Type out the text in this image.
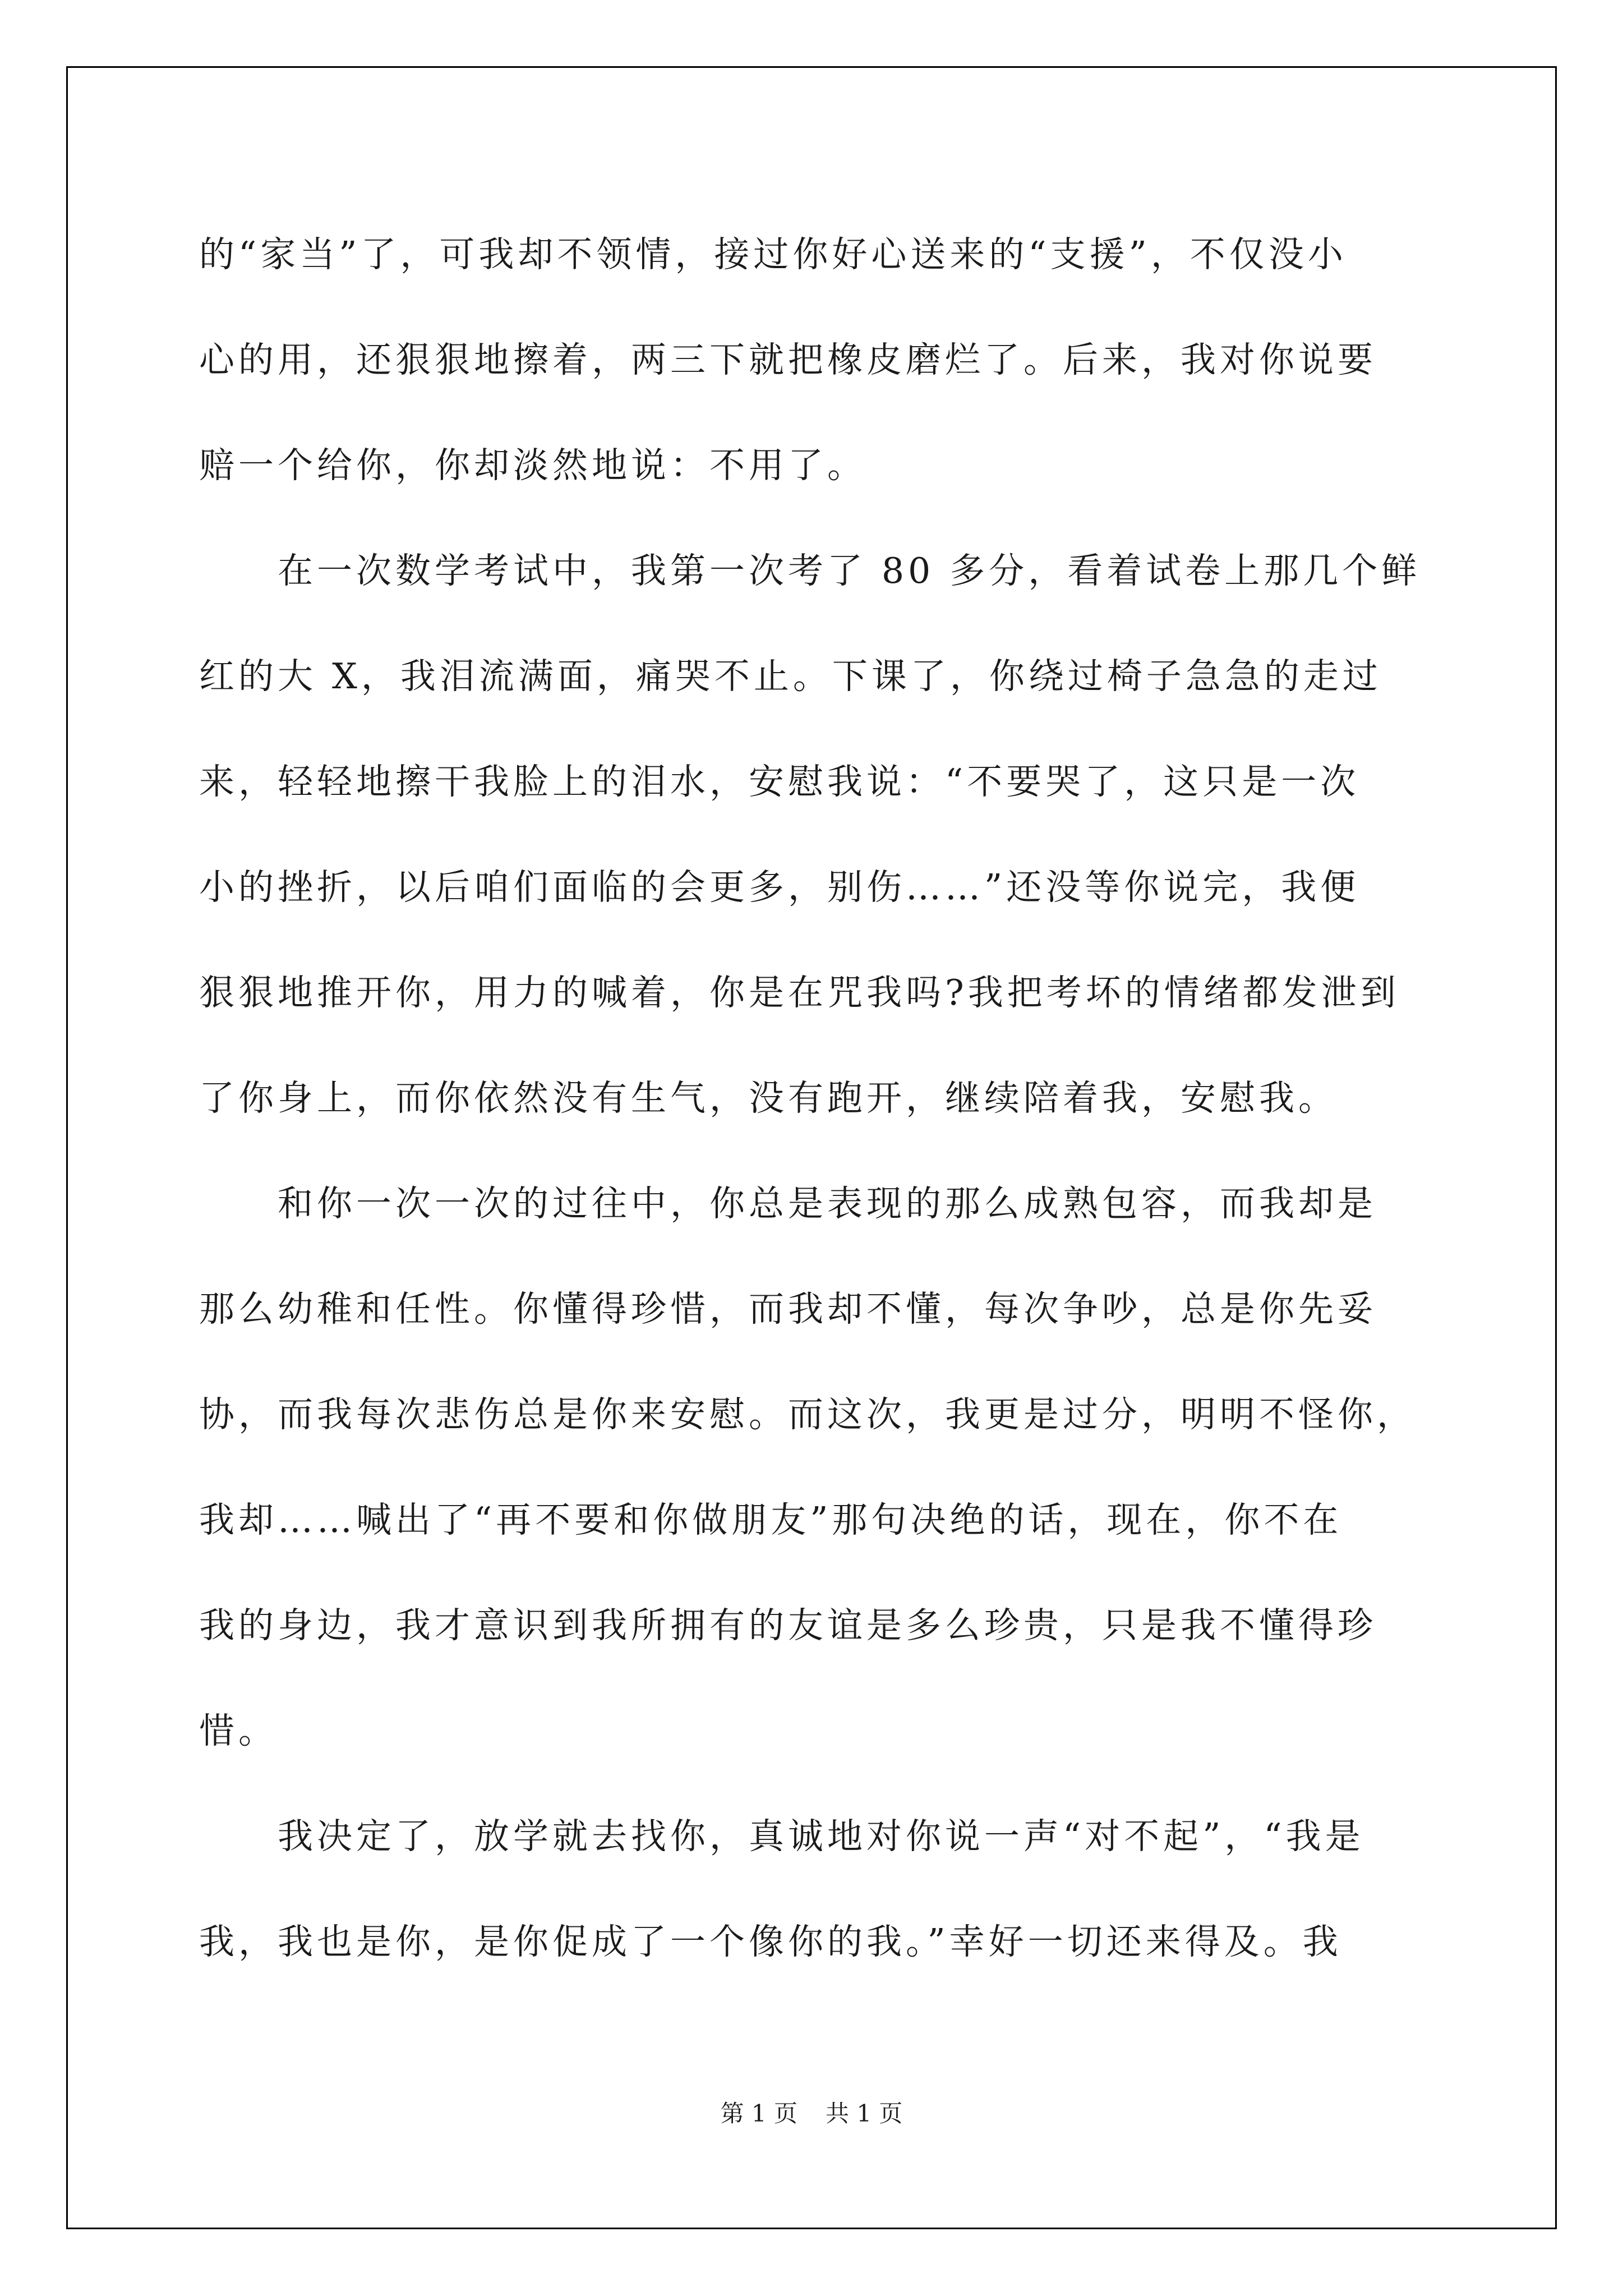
的“家当”了，可我却不领情，接过你好心送来的“支援”，不仅没小
心的用，还狠狠地擦着，两三下就把橡皮磨烂了。后来，我对你说要
赔一个给你，你却淡然地说：不用了。
在一次数学考试中，我第一次考了 80 多分，看着试卷上那几个鲜
红的大 X，我泪流满面，痛哭不止。下课了，你绕过椅子急急的走过
来，轻轻地擦干我脸上的泪水，安慰我说：“不要哭了，这只是一次
小的挫折，以后咱们面临的会更多，别伤……”还没等你说完，我便
狠狠地推开你，用力的喊着，你是在咒我吗?我把考坏的情绪都发泄到
了你身上，而你依然没有生气，没有跑开，继续陪着我，安慰我。
和你一次一次的过往中，你总是表现的那么成熟包容，而我却是
那么幼稚和任性。你懂得珍惜，而我却不懂，每次争吵，总是你先妥
协，而我每次悲伤总是你来安慰。而这次，我更是过分，明明不怪你，
我却……喊出了“再不要和你做朋友”那句决绝的话，现在，你不在
我的身边，我才意识到我所拥有的友谊是多么珍贵，只是我不懂得珍
惜。
我决定了，放学就去找你，真诚地对你说一声“对不起”，“我是
我，我也是你，是你促成了一个像你的我。”幸好一切还来得及。我
第 1 页 共 1 页
